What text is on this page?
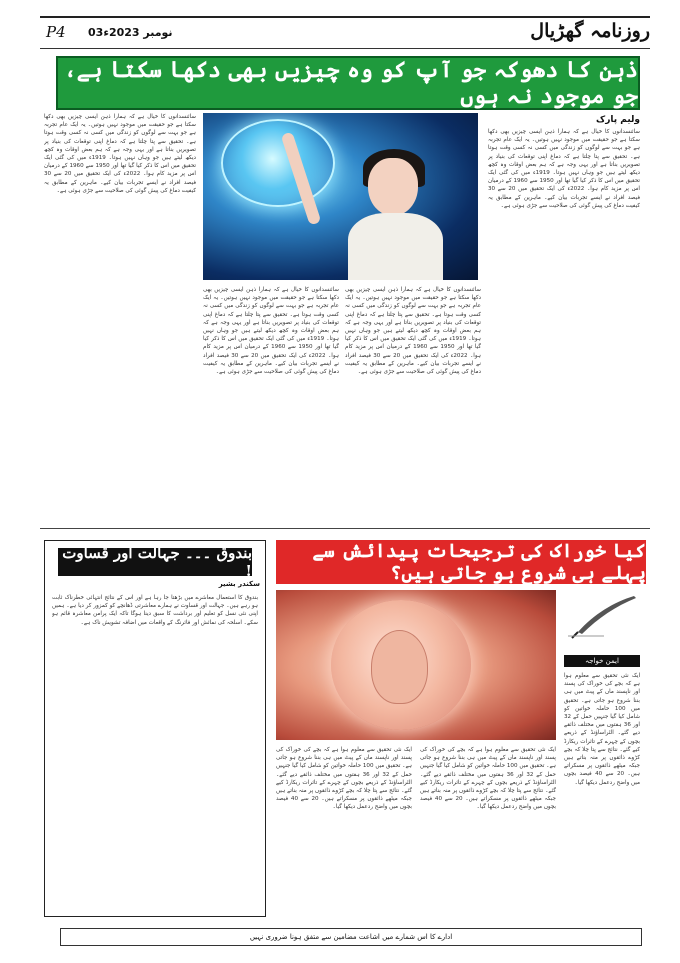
P4 03نومبر 2023ء	روزنامہ گھڑیال
ذہن کا دھوکہ جو آپ کو وہ چیزیں بھی دکھا سکتا ہے، جو موجود نہ ہوں
ولیم پارک
سائنسدانوں کا خیال ہے کہ ہمارا ذہن ایسی چیزیں بھی دکھا سکتا ہے جو حقیقت میں موجود نہیں ہوتیں۔ یہ ایک عام تجربہ ہے جو بہت سے لوگوں کو زندگی میں کسی نہ کسی وقت ہوتا ہے۔ تحقیق سے پتا چلتا ہے کہ دماغ اپنی توقعات کی بنیاد پر تصویریں بناتا ہے اور یہی وجہ ہے کہ ہم بعض اوقات وہ کچھ دیکھ لیتے ہیں جو وہاں نہیں ہوتا۔ 1919ء میں کی گئی ایک تحقیق میں اس کا ذکر کیا گیا تھا اور 1950 سے 1960 کے درمیان اس پر مزید کام ہوا۔ 2022ء کی ایک تحقیق میں 20 سے 30 فیصد افراد نے ایسے تجربات بیان کیے۔ ماہرین کے مطابق یہ کیفیت دماغ کی پیش گوئی کی صلاحیت سے جڑی ہوئی ہے۔
سائنسدانوں کا خیال ہے کہ ہمارا ذہن ایسی چیزیں بھی دکھا سکتا ہے جو حقیقت میں موجود نہیں ہوتیں۔ یہ ایک عام تجربہ ہے جو بہت سے لوگوں کو زندگی میں کسی نہ کسی وقت ہوتا ہے۔ تحقیق سے پتا چلتا ہے کہ دماغ اپنی توقعات کی بنیاد پر تصویریں بناتا ہے اور یہی وجہ ہے کہ ہم بعض اوقات وہ کچھ دیکھ لیتے ہیں جو وہاں نہیں ہوتا۔ 1919ء میں کی گئی ایک تحقیق میں اس کا ذکر کیا گیا تھا اور 1950 سے 1960 کے درمیان اس پر مزید کام ہوا۔ 2022ء کی ایک تحقیق میں 20 سے 30 فیصد افراد نے ایسے تجربات بیان کیے۔ ماہرین کے مطابق یہ کیفیت دماغ کی پیش گوئی کی صلاحیت سے جڑی ہوئی ہے۔
سائنسدانوں کا خیال ہے کہ ہمارا ذہن ایسی چیزیں بھی دکھا سکتا ہے جو حقیقت میں موجود نہیں ہوتیں۔ یہ ایک عام تجربہ ہے جو بہت سے لوگوں کو زندگی میں کسی نہ کسی وقت ہوتا ہے۔ تحقیق سے پتا چلتا ہے کہ دماغ اپنی توقعات کی بنیاد پر تصویریں بناتا ہے اور یہی وجہ ہے کہ ہم بعض اوقات وہ کچھ دیکھ لیتے ہیں جو وہاں نہیں ہوتا۔ 1919ء میں کی گئی ایک تحقیق میں اس کا ذکر کیا گیا تھا اور 1950 سے 1960 کے درمیان اس پر مزید کام ہوا۔ 2022ء کی ایک تحقیق میں 20 سے 30 فیصد افراد نے ایسے تجربات بیان کیے۔ ماہرین کے مطابق یہ کیفیت دماغ کی پیش گوئی کی صلاحیت سے جڑی ہوئی ہے۔
سائنسدانوں کا خیال ہے کہ ہمارا ذہن ایسی چیزیں بھی دکھا سکتا ہے جو حقیقت میں موجود نہیں ہوتیں۔ یہ ایک عام تجربہ ہے جو بہت سے لوگوں کو زندگی میں کسی نہ کسی وقت ہوتا ہے۔ تحقیق سے پتا چلتا ہے کہ دماغ اپنی توقعات کی بنیاد پر تصویریں بناتا ہے اور یہی وجہ ہے کہ ہم بعض اوقات وہ کچھ دیکھ لیتے ہیں جو وہاں نہیں ہوتا۔ 1919ء میں کی گئی ایک تحقیق میں اس کا ذکر کیا گیا تھا اور 1950 سے 1960 کے درمیان اس پر مزید کام ہوا۔ 2022ء کی ایک تحقیق میں 20 سے 30 فیصد افراد نے ایسے تجربات بیان کیے۔ ماہرین کے مطابق یہ کیفیت دماغ کی پیش گوئی کی صلاحیت سے جڑی ہوئی ہے۔
بندوق ۔۔۔ جہالت اور قساوت !
سکندر بشیر
بندوق کا استعمال معاشرے میں بڑھتا جا رہا ہے اور اس کے نتائج انتہائی خطرناک ثابت ہو رہے ہیں۔ جہالت اور قساوت نے ہمارے معاشرتی ڈھانچے کو کمزور کر دیا ہے۔ ہمیں اپنی نئی نسل کو تعلیم اور برداشت کا سبق دینا ہوگا تاکہ ایک پرامن معاشرہ قائم ہو سکے۔ اسلحہ کی نمائش اور فائرنگ کے واقعات میں اضافہ تشویش ناک ہے۔
کیا خوراک کی ترجیحات پیدائش سے پہلے ہی شروع ہو جاتی ہیں؟
ایمن خواجہ
ایک نئی تحقیق سے معلوم ہوا ہے کہ بچے کی خوراک کی پسند اور ناپسند ماں کے پیٹ میں ہی بننا شروع ہو جاتی ہے۔ تحقیق میں 100 حاملہ خواتین کو شامل کیا گیا جنہیں حمل کے 32 اور 36 ہفتوں میں مختلف ذائقے دیے گئے۔ الٹراساؤنڈ کے ذریعے بچوں کے چہرے کے تاثرات ریکارڈ کیے گئے۔ نتائج سے پتا چلا کہ بچے کڑوے ذائقوں پر منہ بناتے ہیں جبکہ میٹھے ذائقوں پر مسکراتے ہیں۔ 20 سے 40 فیصد بچوں میں واضح ردعمل دیکھا گیا۔
ایک نئی تحقیق سے معلوم ہوا ہے کہ بچے کی خوراک کی پسند اور ناپسند ماں کے پیٹ میں ہی بننا شروع ہو جاتی ہے۔ تحقیق میں 100 حاملہ خواتین کو شامل کیا گیا جنہیں حمل کے 32 اور 36 ہفتوں میں مختلف ذائقے دیے گئے۔ الٹراساؤنڈ کے ذریعے بچوں کے چہرے کے تاثرات ریکارڈ کیے گئے۔ نتائج سے پتا چلا کہ بچے کڑوے ذائقوں پر منہ بناتے ہیں جبکہ میٹھے ذائقوں پر مسکراتے ہیں۔ 20 سے 40 فیصد بچوں میں واضح ردعمل دیکھا گیا۔
ایک نئی تحقیق سے معلوم ہوا ہے کہ بچے کی خوراک کی پسند اور ناپسند ماں کے پیٹ میں ہی بننا شروع ہو جاتی ہے۔ تحقیق میں 100 حاملہ خواتین کو شامل کیا گیا جنہیں حمل کے 32 اور 36 ہفتوں میں مختلف ذائقے دیے گئے۔ الٹراساؤنڈ کے ذریعے بچوں کے چہرے کے تاثرات ریکارڈ کیے گئے۔ نتائج سے پتا چلا کہ بچے کڑوے ذائقوں پر منہ بناتے ہیں جبکہ میٹھے ذائقوں پر مسکراتے ہیں۔ 20 سے 40 فیصد بچوں میں واضح ردعمل دیکھا گیا۔
ادارے کا اس شمارے میں اشاعت مضامین سے متفق ہونا ضروری نہیں
